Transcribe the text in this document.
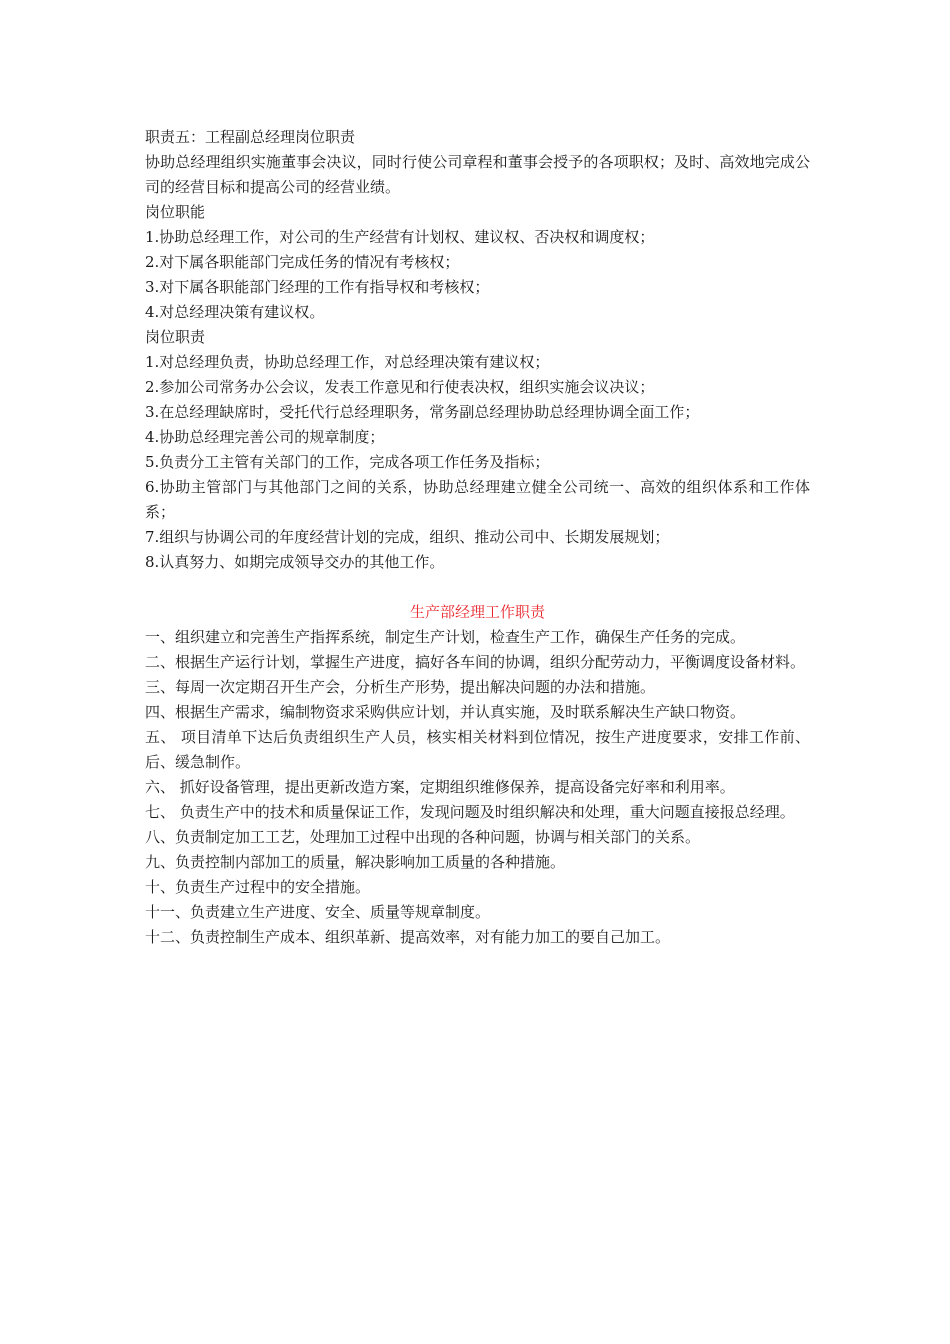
职责五：工程副总经理岗位职责
协助总经理组织实施董事会决议，同时行使公司章程和董事会授予的各项职权；及时、高效地完成公司的经营目标和提高公司的经营业绩。
岗位职能
1.协助总经理工作，对公司的生产经营有计划权、建议权、否决权和调度权；
2.对下属各职能部门完成任务的情况有考核权；
3.对下属各职能部门经理的工作有指导权和考核权；
4.对总经理决策有建议权。
岗位职责
1.对总经理负责，协助总经理工作，对总经理决策有建议权；
2.参加公司常务办公会议，发表工作意见和行使表决权，组织实施会议决议；
3.在总经理缺席时，受托代行总经理职务，常务副总经理协助总经理协调全面工作；
4.协助总经理完善公司的规章制度；
5.负责分工主管有关部门的工作，完成各项工作任务及指标；
6.协助主管部门与其他部门之间的关系，协助总经理建立健全公司统一、高效的组织体系和工作体系；
7.组织与协调公司的年度经营计划的完成，组织、推动公司中、长期发展规划；
8.认真努力、如期完成领导交办的其他工作。
生产部经理工作职责
一、组织建立和完善生产指挥系统，制定生产计划，检查生产工作，确保生产任务的完成。
二、根据生产运行计划，掌握生产进度，搞好各车间的协调，组织分配劳动力，平衡调度设备材料。
三、每周一次定期召开生产会，分析生产形势，提出解决问题的办法和措施。
四、根据生产需求，编制物资求采购供应计划，并认真实施，及时联系解决生产缺口物资。
五、 项目清单下达后负责组织生产人员，核实相关材料到位情况，按生产进度要求，安排工作前、后、缓急制作。
六、 抓好设备管理，提出更新改造方案，定期组织维修保养，提高设备完好率和利用率。
七、 负责生产中的技术和质量保证工作，发现问题及时组织解决和处理，重大问题直接报总经理。
八、负责制定加工工艺，处理加工过程中出现的各种问题，协调与相关部门的关系。
九、负责控制内部加工的质量，解决影响加工质量的各种措施。
十、负责生产过程中的安全措施。
十一、负责建立生产进度、安全、质量等规章制度。
十二、负责控制生产成本、组织革新、提高效率，对有能力加工的要自己加工。
